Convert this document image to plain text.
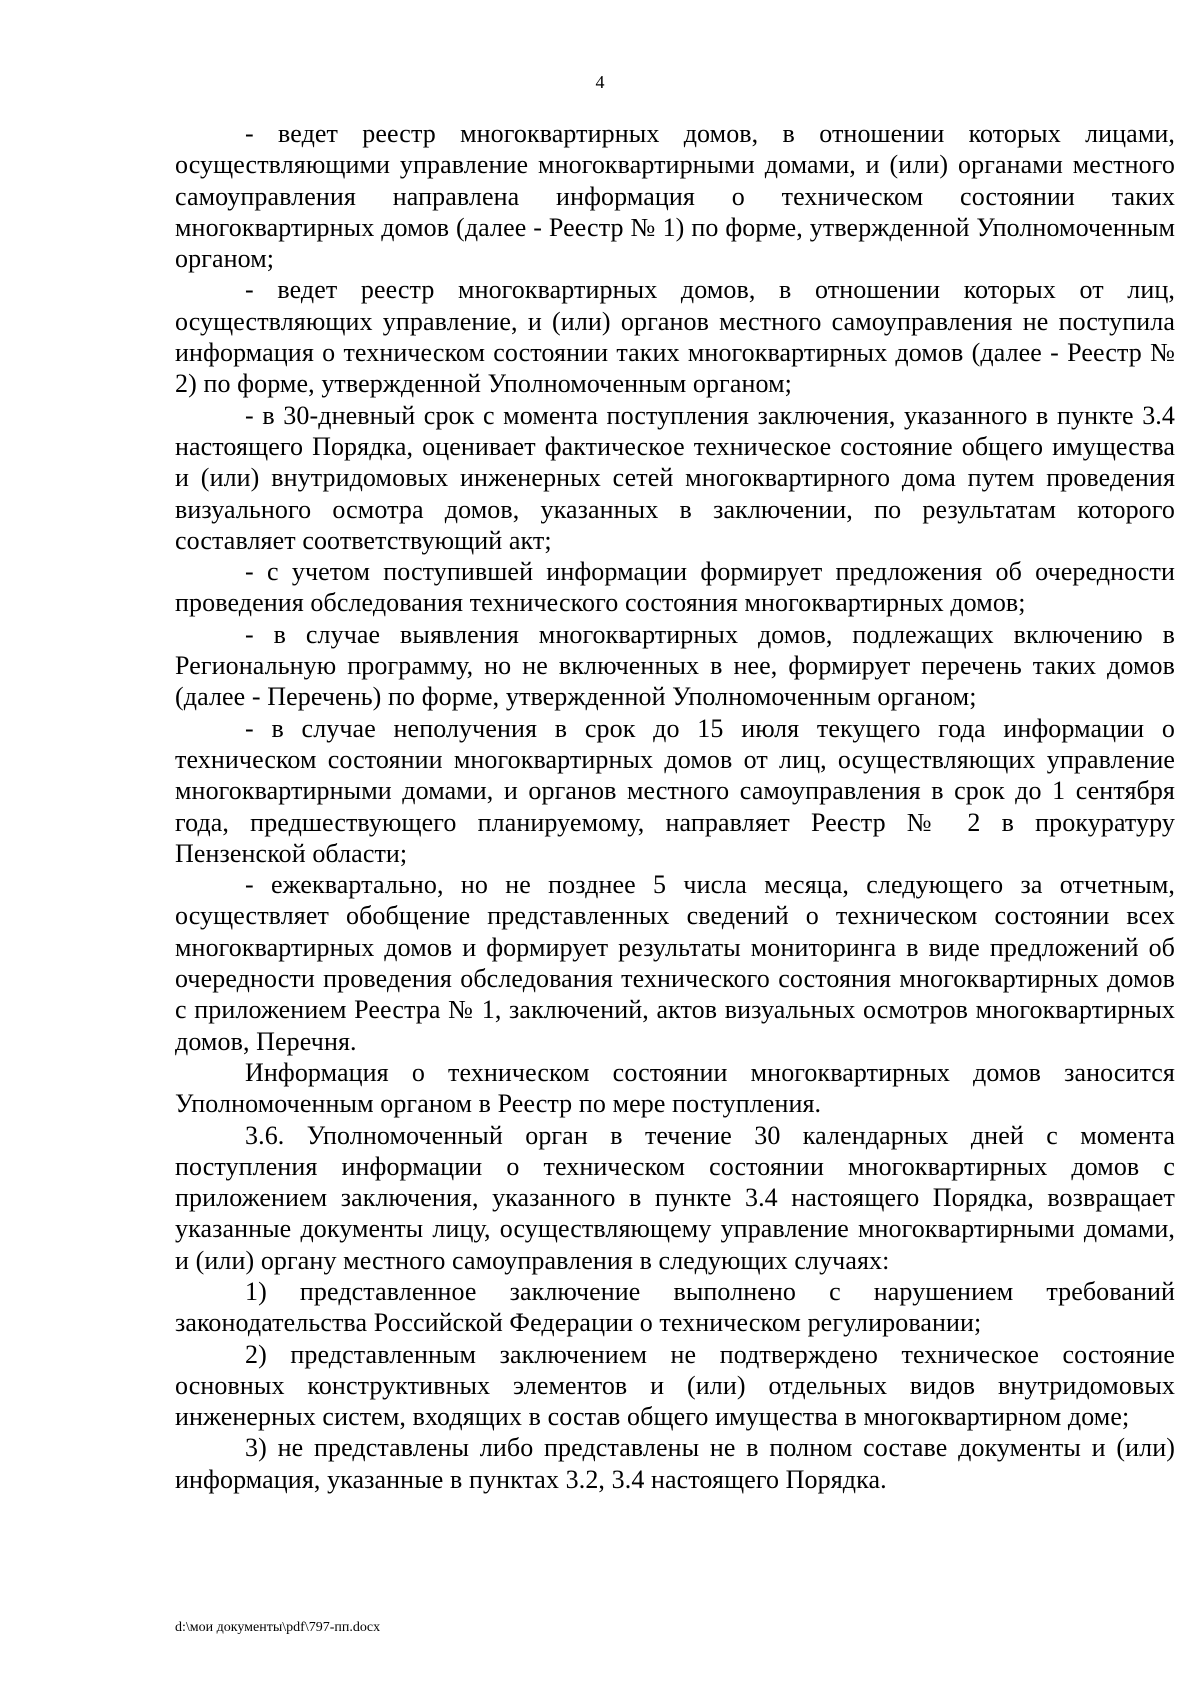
4

- ведет реестр многоквартирных домов, в отношении которых лицами, осуществляющими управление многоквартирными домами, и (или) органами местного самоуправления направлена информация о техническом состоянии таких многоквартирных домов (далее - Реестр № 1) по форме, утвержденной Уполномоченным органом;

- ведет реестр многоквартирных домов, в отношении которых от лиц, осуществляющих управление, и (или) органов местного самоуправления не поступила информация о техническом состоянии таких многоквартирных домов (далее - Реестр № 2) по форме, утвержденной Уполномоченным органом;

- в 30-дневный срок с момента поступления заключения, указанного в пункте 3.4 настоящего Порядка, оценивает фактическое техническое состояние общего имущества и (или) внутридомовых инженерных сетей многоквартирного дома путем проведения визуального осмотра домов, указанных в заключении, по результатам которого составляет соответствующий акт;

- с учетом поступившей информации формирует предложения об очередности проведения обследования технического состояния многоквартирных домов;

- в случае выявления многоквартирных домов, подлежащих включению в Региональную программу, но не включенных в нее, формирует перечень таких домов (далее - Перечень) по форме, утвержденной Уполномоченным органом;

- в случае неполучения в срок до 15 июля текущего года информации о техническом состоянии многоквартирных домов от лиц, осуществляющих управление многоквартирными домами, и органов местного самоуправления в срок до 1 сентября года, предшествующего планируемому, направляет Реестр № 2 в прокуратуру Пензенской области;

- ежеквартально, но не позднее 5 числа месяца, следующего за отчетным, осуществляет обобщение представленных сведений о техническом состоянии всех многоквартирных домов и формирует результаты мониторинга в виде предложений об очередности проведения обследования технического состояния многоквартирных домов с приложением Реестра № 1, заключений, актов визуальных осмотров многоквартирных домов, Перечня.

Информация о техническом состоянии многоквартирных домов заносится Уполномоченным органом в Реестр по мере поступления.

3.6. Уполномоченный орган в течение 30 календарных дней с момента поступления информации о техническом состоянии многоквартирных домов с приложением заключения, указанного в пункте 3.4 настоящего Порядка, возвращает указанные документы лицу, осуществляющему управление многоквартирными домами, и (или) органу местного самоуправления в следующих случаях:

1) представленное заключение выполнено с нарушением требований законодательства Российской Федерации о техническом регулировании;

2) представленным заключением не подтверждено техническое состояние основных конструктивных элементов и (или) отдельных видов внутридомовых инженерных систем, входящих в состав общего имущества в многоквартирном доме;

3) не представлены либо представлены не в полном составе документы и (или) информация, указанные в пунктах 3.2, 3.4 настоящего Порядка.

d:\мои документы\pdf\797-пп.docx
